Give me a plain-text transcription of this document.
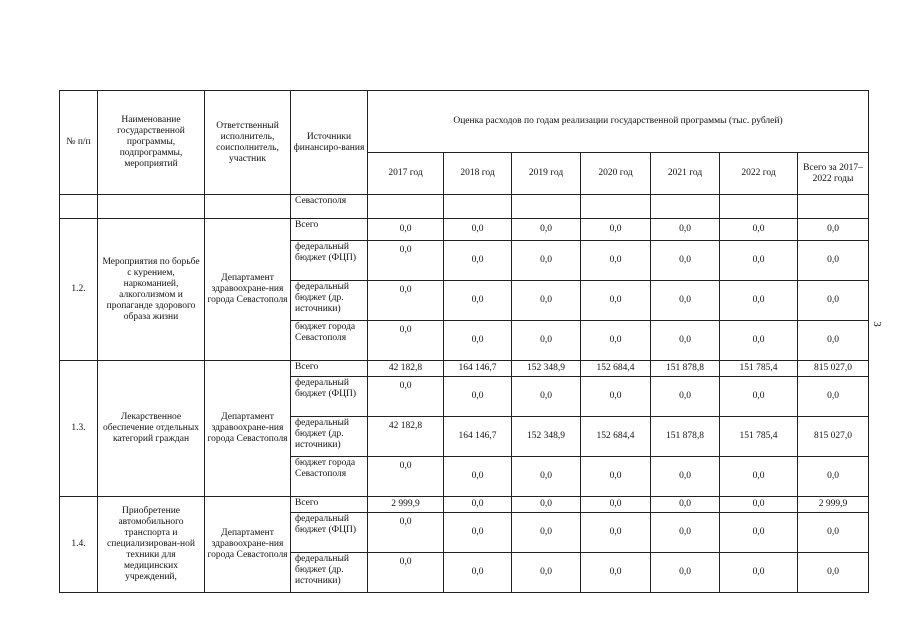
№ п/п	Наименование государственной программы, подпрограммы, мероприятий	Ответственный исполнитель, соисполнитель, участник	Источники финансиро-вания	Оценка расходов по годам реализации государственной программы (тыс. рублей)						
				2017 год	2018 год	2019 год	2020 год	2021 год	2022 год	Всего за 2017–2022 годы
			Севастополя							
1.2.	Мероприятия по борьбе с курением, наркоманией, алкоголизмом и пропаганде здорового образа жизни	Департамент здравоохране-ния города Севастополя	Всего	0,0	0,0	0,0	0,0	0,0	0,0	0,0
			федеральный бюджет (ФЦП)	0,0	0,0	0,0	0,0	0,0	0,0	0,0
			федеральный бюджет (др. источники)	0,0	0,0	0,0	0,0	0,0	0,0	0,0
			бюджет города Севастополя	0,0	0,0	0,0	0,0	0,0	0,0	0,0
1.3.	Лекарственное обеспечение отдельных категорий граждан	Департамент здравоохране-ния города Севастополя	Всего	42 182,8	164 146,7	152 348,9	152 684,4	151 878,8	151 785,4	815 027,0
			федеральный бюджет (ФЦП)	0,0	0,0	0,0	0,0	0,0	0,0	0,0
			федеральный бюджет (др. источники)	42 182,8	164 146,7	152 348,9	152 684,4	151 878,8	151 785,4	815 027,0
			бюджет города Севастополя	0,0	0,0	0,0	0,0	0,0	0,0	0,0
1.4.	Приобретение автомобильного транспорта и специализирован-ной техники для медицинских учреждений,	Департамент здравоохране-ния города Севастополя	Всего	2 999,9	0,0	0,0	0,0	0,0	0,0	2 999,9
			федеральный бюджет (ФЦП)	0,0	0,0	0,0	0,0	0,0	0,0	0,0
			федеральный бюджет (др. источники)	0,0	0,0	0,0	0,0	0,0	0,0	0,0
3
